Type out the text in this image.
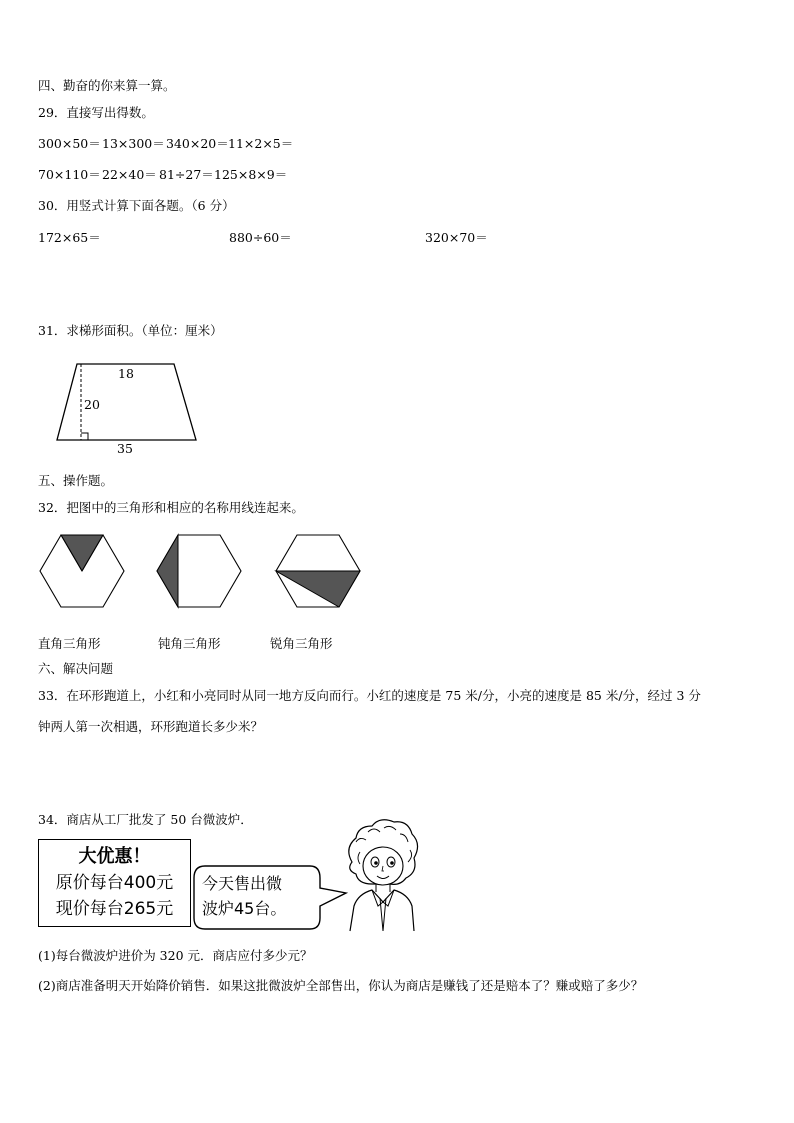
四、勤奋的你来算一算。
29．直接写出得数。
300×50＝ 13×300＝ 340×20＝ 11×2×5＝
70×110＝ 22×40＝ 81÷27＝ 125×8×9＝
30．用竖式计算下面各题。（6 分）
172×65＝	880÷60＝	320×70＝
31．求梯形面积。（单位：厘米）
18
20
35
五、操作题。
32．把图中的三角形和相应的名称用线连起来。
直角三角形	钝角三角形	锐角三角形
六、解决问题
33．在环形跑道上，小红和小亮同时从同一地方反向而行。小红的速度是 75 米/分，小亮的速度是 85 米/分，经过 3 分
钟两人第一次相遇，环形跑道长多少米？
34．商店从工厂批发了 50 台微波炉．
大优惠！
原价每台400元
现价每台265元
今天售出微
波炉45台。
(1)每台微波炉进价为 320 元．商店应付多少元？
(2)商店准备明天开始降价销售．如果这批微波炉全部售出，你认为商店是赚钱了还是赔本了？赚或赔了多少？
